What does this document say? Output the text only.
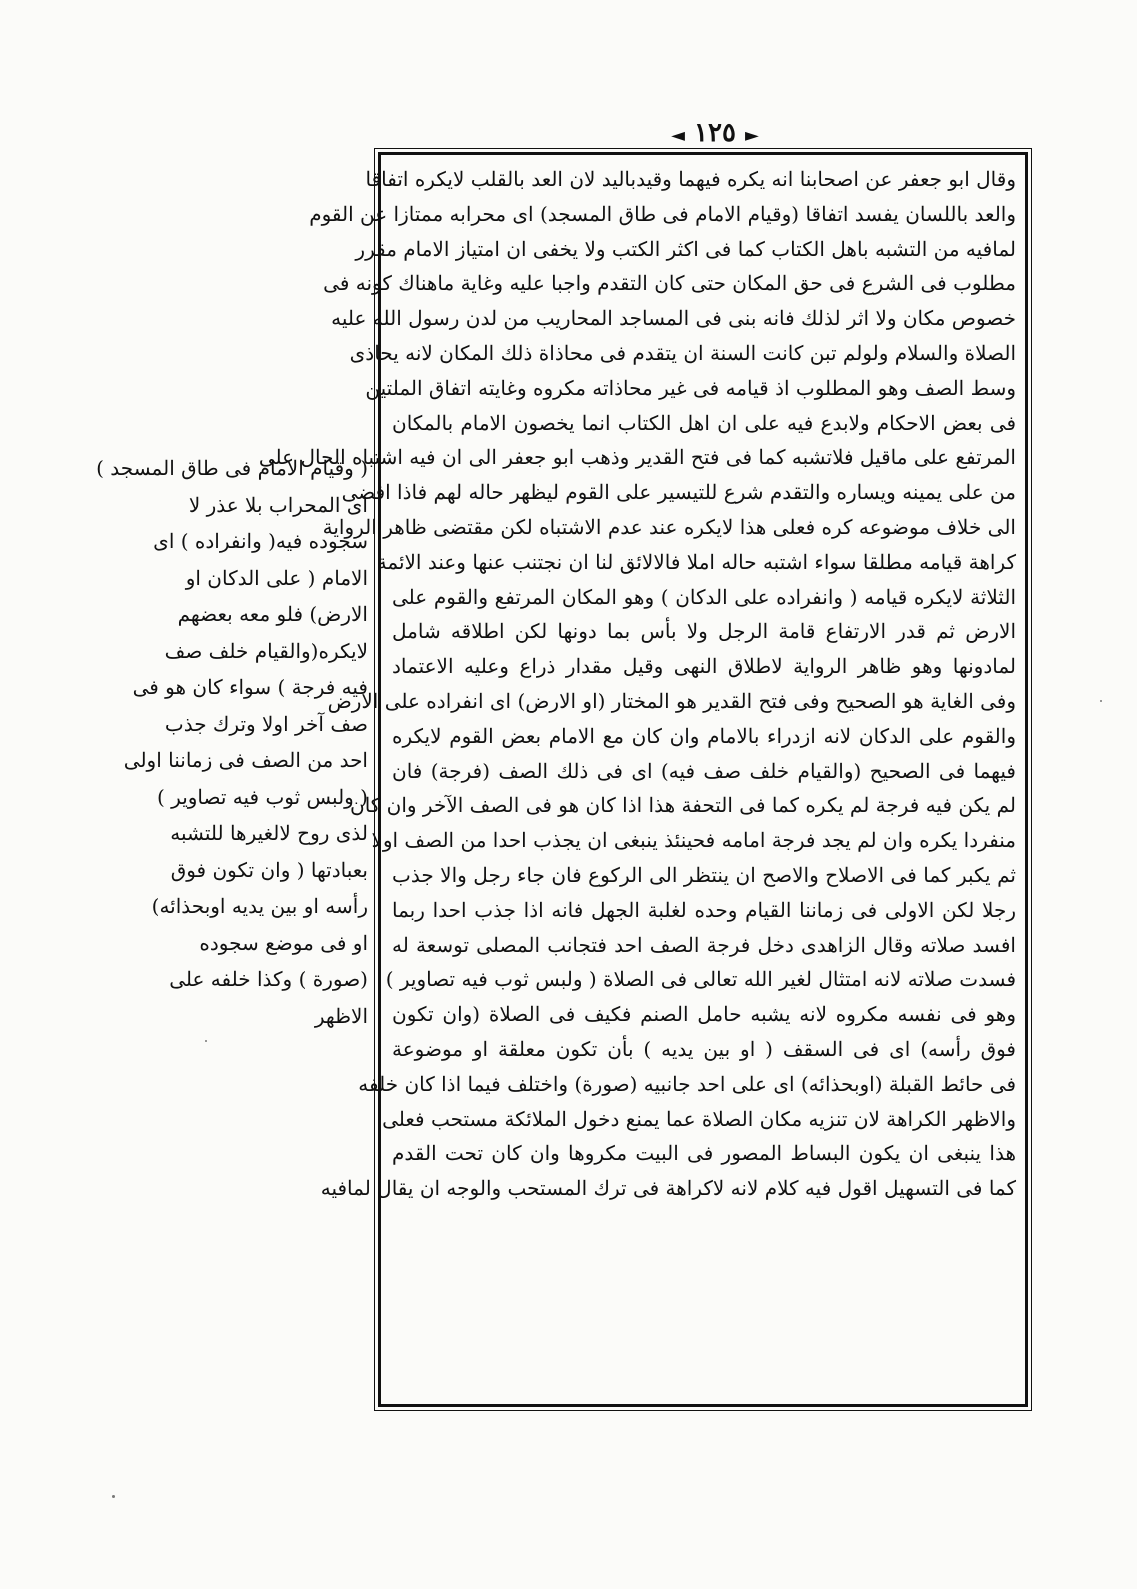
◄ ١٢٥ ►
وقال ابو جعفر عن اصحابنا انه يكره فيهما وقيدباليد لان العد بالقلب لايكره اتفاقا
والعد باللسان يفسد اتفاقا (وقيام الامام فى طاق المسجد) اى محرابه ممتازا عن القوم
لمافيه من التشبه باهل الكتاب كما فى اكثر الكتب ولا يخفى ان امتياز الامام مقرر
مطلوب فى الشرع فى حق المكان حتى كان التقدم واجبا عليه وغاية ماهناك كونه فى
خصوص مكان ولا اثر لذلك فانه بنى فى المساجد المحاريب من لدن رسول الله عليه
الصلاة والسلام ولولم تبن كانت السنة ان يتقدم فى محاذاة ذلك المكان لانه يحاذى
وسط الصف وهو المطلوب اذ قيامه فى غير محاذاته مكروه وغايته اتفاق الملتين
فى بعض الاحكام ولابدع فيه على ان اهل الكتاب انما يخصون الامام بالمكان
المرتفع على ماقيل فلاتشبه كما فى فتح القدير وذهب ابو جعفر الى ان فيه اشتباه الحال على
من على يمينه ويساره والتقدم شرع للتيسير على القوم ليظهر حاله لهم فاذا افضى
الى خلاف موضوعه كره فعلى هذا لايكره عند عدم الاشتباه لكن مقتضى ظاهر الرواية
كراهة قيامه مطلقا سواء اشتبه حاله املا فالالائق لنا ان نجتنب عنها وعند الائمة
الثلاثة لايكره قيامه ( وانفراده على الدكان ) وهو المكان المرتفع والقوم على
الارض ثم قدر الارتفاع قامة الرجل ولا بأس بما دونها لكن اطلاقه شامل
لمادونها وهو ظاهر الرواية لاطلاق النهى وقيل مقدار ذراع وعليه الاعتماد
وفى الغاية هو الصحيح وفى فتح القدير هو المختار (او الارض) اى انفراده على الارض
والقوم على الدكان لانه ازدراء بالامام وان كان مع الامام بعض القوم لايكره
فيهما فى الصحيح (والقيام خلف صف فيه) اى فى ذلك الصف (فرجة) فان
لم يكن فيه فرجة لم يكره كما فى التحفة هذا اذا كان هو فى الصف الآخر وان كان
منفردا يكره وان لم يجد فرجة امامه فحينئذ ينبغى ان يجذب احدا من الصف اولا
ثم يكبر كما فى الاصلاح والاصح ان ينتظر الى الركوع فان جاء رجل والا جذب
رجلا لكن الاولى فى زماننا القيام وحده لغلبة الجهل فانه اذا جذب احدا ربما
افسد صلاته وقال الزاهدى دخل فرجة الصف احد فتجانب المصلى توسعة له
فسدت صلاته لانه امتثال لغير الله تعالى فى الصلاة ( ولبس ثوب فيه تصاوير )
وهو فى نفسه مكروه لانه يشبه حامل الصنم فكيف فى الصلاة (وان تكون
فوق رأسه) اى فى السقف ( او بين يديه ) بأن تكون معلقة او موضوعة
فى حائط القبلة (اوبحذائه) اى على احد جانبيه (صورة) واختلف فيما اذا كان خلفه
والاظهر الكراهة لان تنزيه مكان الصلاة عما يمنع دخول الملائكة مستحب فعلى
هذا ينبغى ان يكون البساط المصور فى البيت مكروها وان كان تحت القدم
كما فى التسهيل اقول فيه كلام لانه لاكراهة فى ترك المستحب والوجه ان يقال لمافيه
( وقيام الامام فى طاق المسجد )
اى المحراب بلا عذر لا
سجوده فيه( وانفراده ) اى
الامام ( على الدكان او
الارض) فلو معه بعضهم
لايكره(والقيام خلف صف
فيه فرجة ) سواء كان هو فى
صف آخر اولا وترك جذب
احد من الصف فى زماننا اولى
( ولبس ثوب فيه تصاوير )
لذى روح لالغيرها للتشبه
بعبادتها ( وان تكون فوق
رأسه او بين يديه اوبحذائه)
او فى موضع سجوده
(صورة ) وكذا خلفه على
الاظهر
